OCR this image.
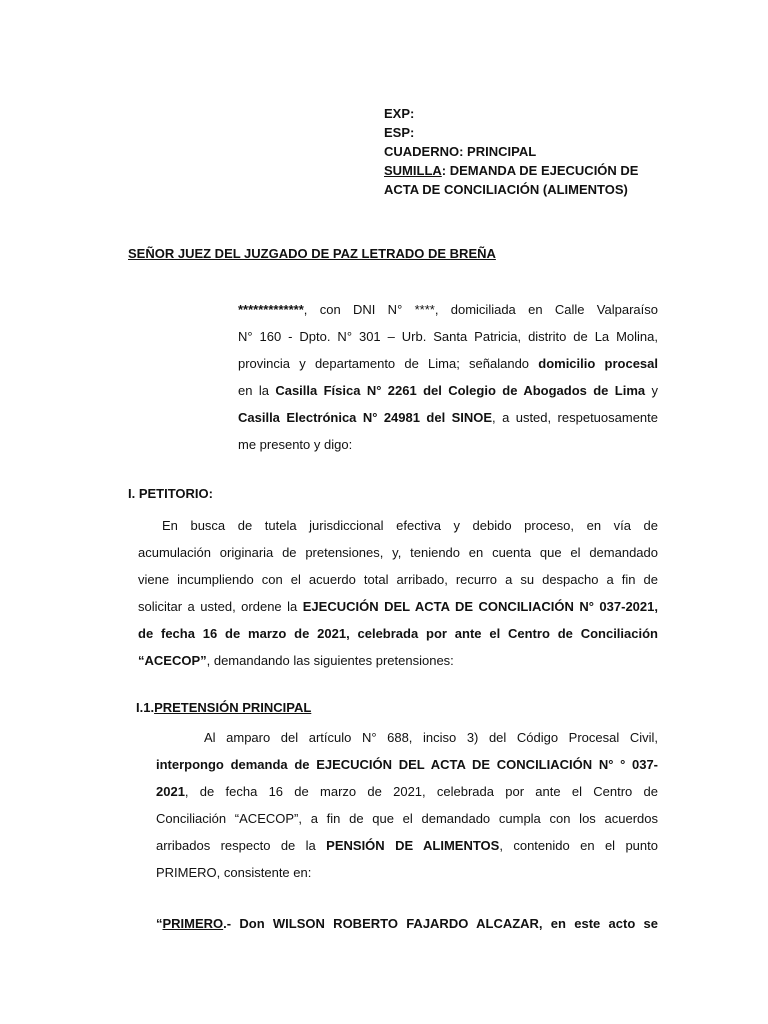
EXP:
ESP:
CUADERNO: PRINCIPAL
SUMILLA: DEMANDA DE EJECUCIÓN DE
ACTA DE CONCILIACIÓN (ALIMENTOS)
SEÑOR JUEZ DEL JUZGADO DE PAZ LETRADO DE BREÑA
*************, con DNI N° ****, domiciliada en Calle Valparaíso
N° 160 - Dpto. N° 301 – Urb. Santa Patricia, distrito de La Molina,
provincia y departamento de Lima; señalando domicilio procesal
en la Casilla Física N° 2261 del Colegio de Abogados de Lima y
Casilla Electrónica N° 24981 del SINOE, a usted, respetuosamente
me presento y digo:
I. PETITORIO:
En busca de tutela jurisdiccional efectiva y debido proceso, en vía de
acumulación originaria de pretensiones, y, teniendo en cuenta que el demandado
viene incumpliendo con el acuerdo total arribado, recurro a su despacho a fin de
solicitar a usted, ordene la EJECUCIÓN DEL ACTA DE CONCILIACIÓN N° 037-2021,
de fecha 16 de marzo de 2021, celebrada por ante el Centro de Conciliación
“ACECOP”, demandando las siguientes pretensiones:
I.1.PRETENSIÓN PRINCIPAL
Al amparo del artículo N° 688, inciso 3) del Código Procesal Civil,
interpongo demanda de EJECUCIÓN DEL ACTA DE CONCILIACIÓN N° ° 037-
2021, de fecha 16 de marzo de 2021, celebrada por ante el Centro de
Conciliación “ACECOP”, a fin de que el demandado cumpla con los acuerdos
arribados respecto de la PENSIÓN DE ALIMENTOS, contenido en el punto
PRIMERO, consistente en:
“PRIMERO.- Don WILSON ROBERTO FAJARDO ALCAZAR, en este acto se
